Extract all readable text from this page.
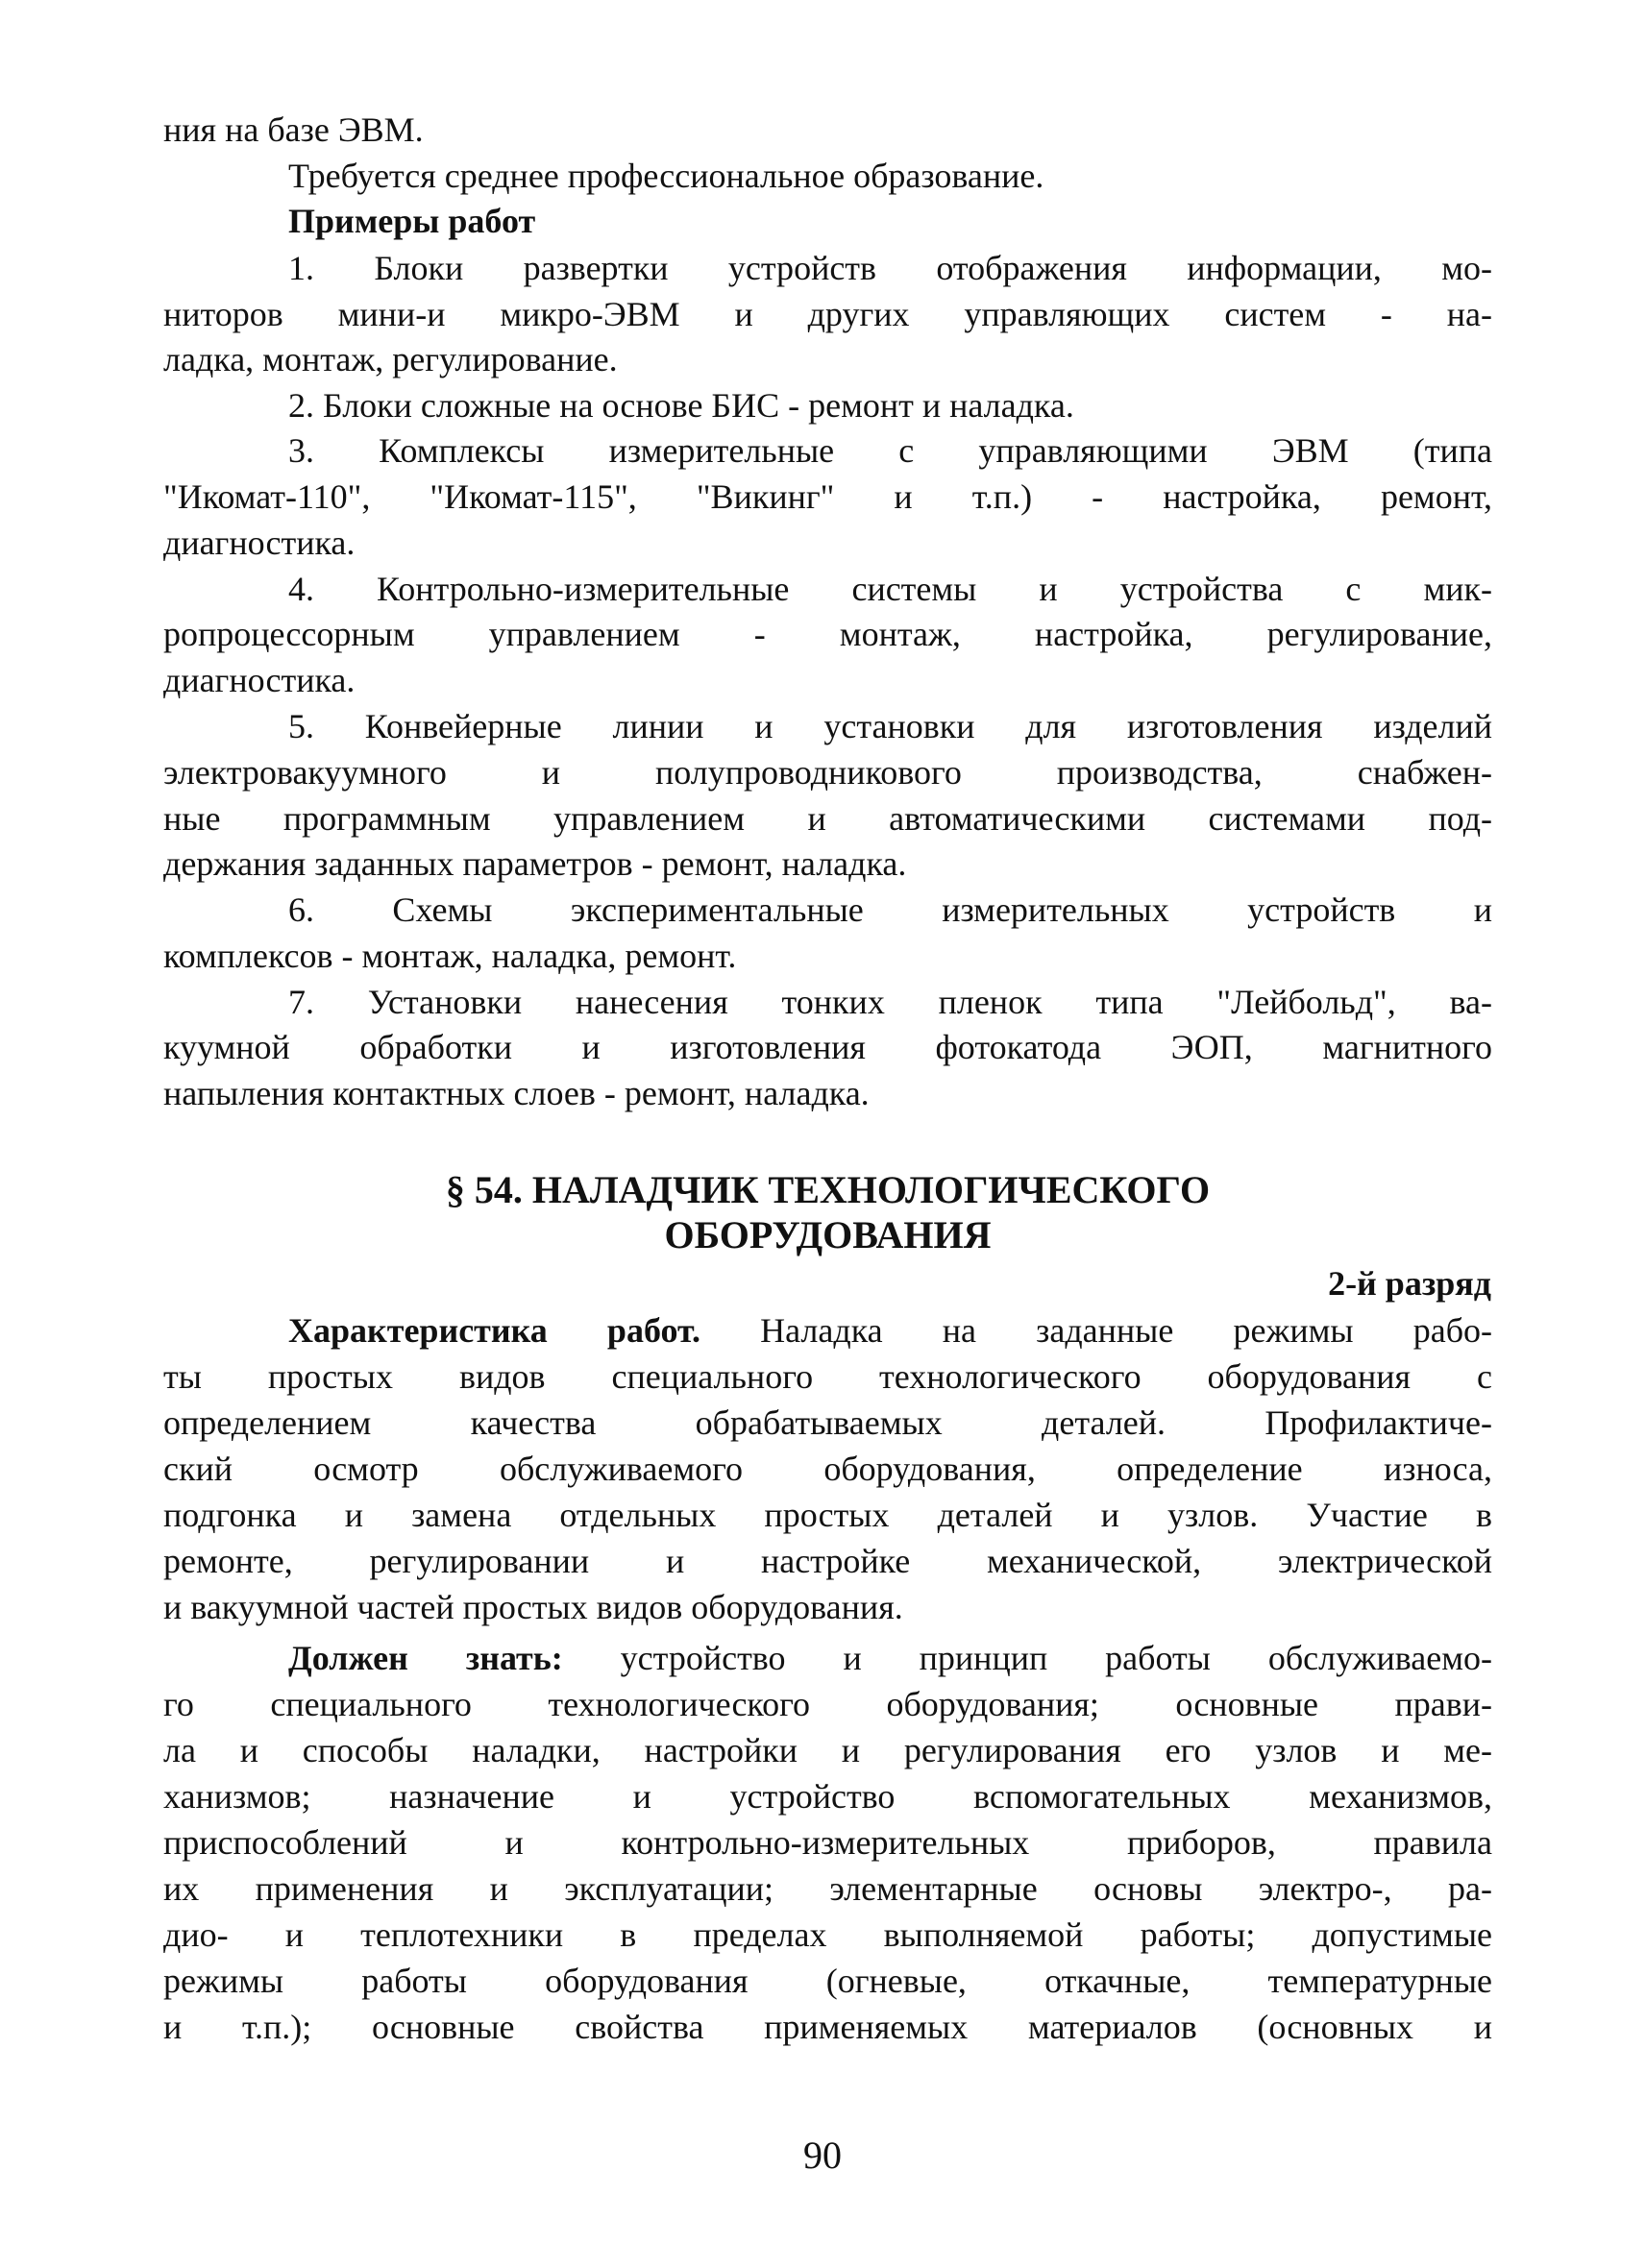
ния на базе ЭВМ.
Требуется среднее профессиональное образование.
Примеры работ
1. Блоки развертки устройств отображения информации, мо-
ниторов мини-и микро-ЭВМ и других управляющих систем - на-
ладка, монтаж, регулирование.
2. Блоки сложные на основе БИС - ремонт и наладка.
3. Комплексы измерительные с управляющими ЭВМ (типа
"Икомат-110", "Икомат-115", "Викинг" и т.п.) - настройка, ремонт,
диагностика.
4. Контрольно-измерительные системы и устройства с мик-
ропроцессорным управлением - монтаж, настройка, регулирование,
диагностика.
5. Конвейерные линии и установки для изготовления изделий
электровакуумного и полупроводникового производства, снабжен-
ные программным управлением и автоматическими системами под-
держания заданных параметров - ремонт, наладка.
6. Схемы экспериментальные измерительных устройств и
комплексов - монтаж, наладка, ремонт.
7. Установки нанесения тонких пленок типа "Лейбольд", ва-
куумной обработки и изготовления фотокатода ЭОП, магнитного
напыления контактных слоев - ремонт, наладка.
§ 54. НАЛАДЧИК ТЕХНОЛОГИЧЕСКОГО
ОБОРУДОВАНИЯ
2-й разряд
Характеристика работ. Наладка на заданные режимы рабо-
ты простых видов специального технологического оборудования с
определением качества обрабатываемых деталей. Профилактиче-
ский осмотр обслуживаемого оборудования, определение износа,
подгонка и замена отдельных простых деталей и узлов. Участие в
ремонте, регулировании и настройке механической, электрической
и вакуумной частей простых видов оборудования.
Должен знать: устройство и принцип работы обслуживаемо-
го специального технологического оборудования; основные прави-
ла и способы наладки, настройки и регулирования его узлов и ме-
ханизмов; назначение и устройство вспомогательных механизмов,
приспособлений и контрольно-измерительных приборов, правила
их применения и эксплуатации; элементарные основы электро-, ра-
дио- и теплотехники в пределах выполняемой работы; допустимые
режимы работы оборудования (огневые, откачные, температурные
и т.п.); основные свойства применяемых материалов (основных и
90
